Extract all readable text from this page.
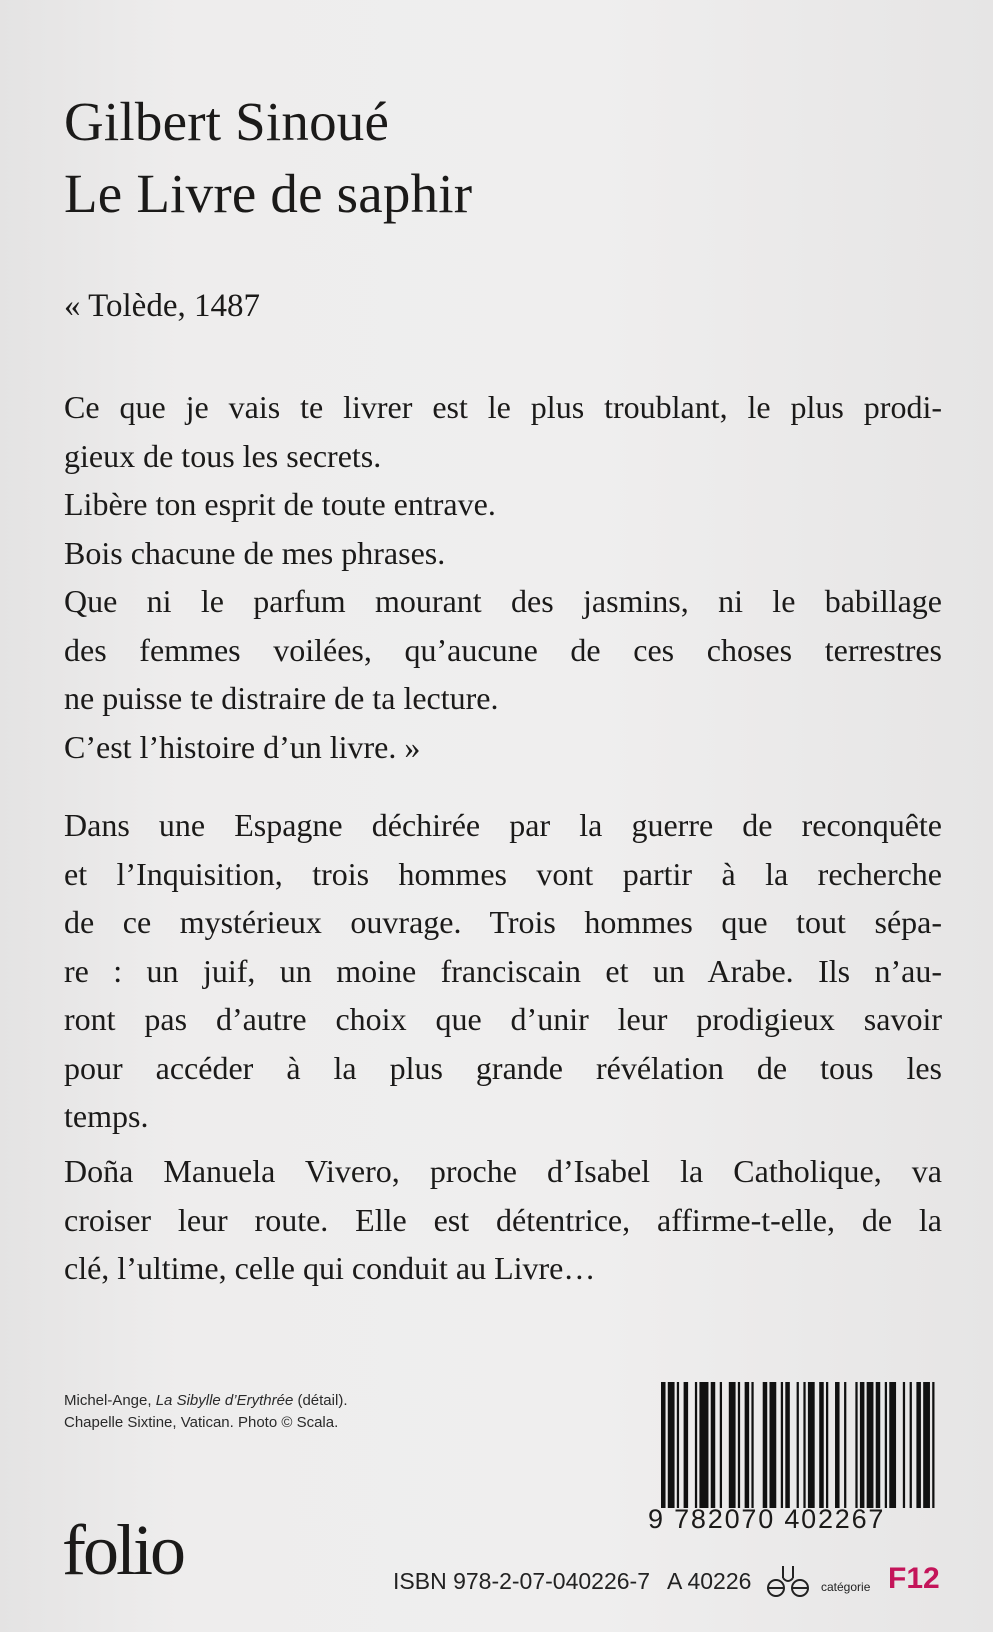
Gilbert Sinoué
Le Livre de saphir
« Tolède, 1487
Ce que je vais te livrer est le plus troublant, le plus prodi-
gieux de tous les secrets.
Libère ton esprit de toute entrave.
Bois chacune de mes phrases.
Que ni le parfum mourant des jasmins, ni le babillage
des femmes voilées, qu’aucune de ces choses terrestres
ne puisse te distraire de ta lecture.
C’est l’histoire d’un livre. »
Dans une Espagne déchirée par la guerre de reconquête
et l’Inquisition, trois hommes vont partir à la recherche
de ce mystérieux ouvrage. Trois hommes que tout sépa-
re : un juif, un moine franciscain et un Arabe. Ils n’au-
ront pas d’autre choix que d’unir leur prodigieux savoir
pour accéder à la plus grande révélation de tous les
temps.
Doña Manuela Vivero, proche d’Isabel la Catholique, va
croiser leur route. Elle est détentrice, affirme-t-elle, de la
clé, l’ultime, celle qui conduit au Livre…
Michel-Ange, La Sibylle d’Erythrée (détail).
Chapelle Sixtine, Vatican. Photo © Scala.
9 782070 402267
folio	ISBN 978-2-07-040226-7 A 40226	catégorie F12
